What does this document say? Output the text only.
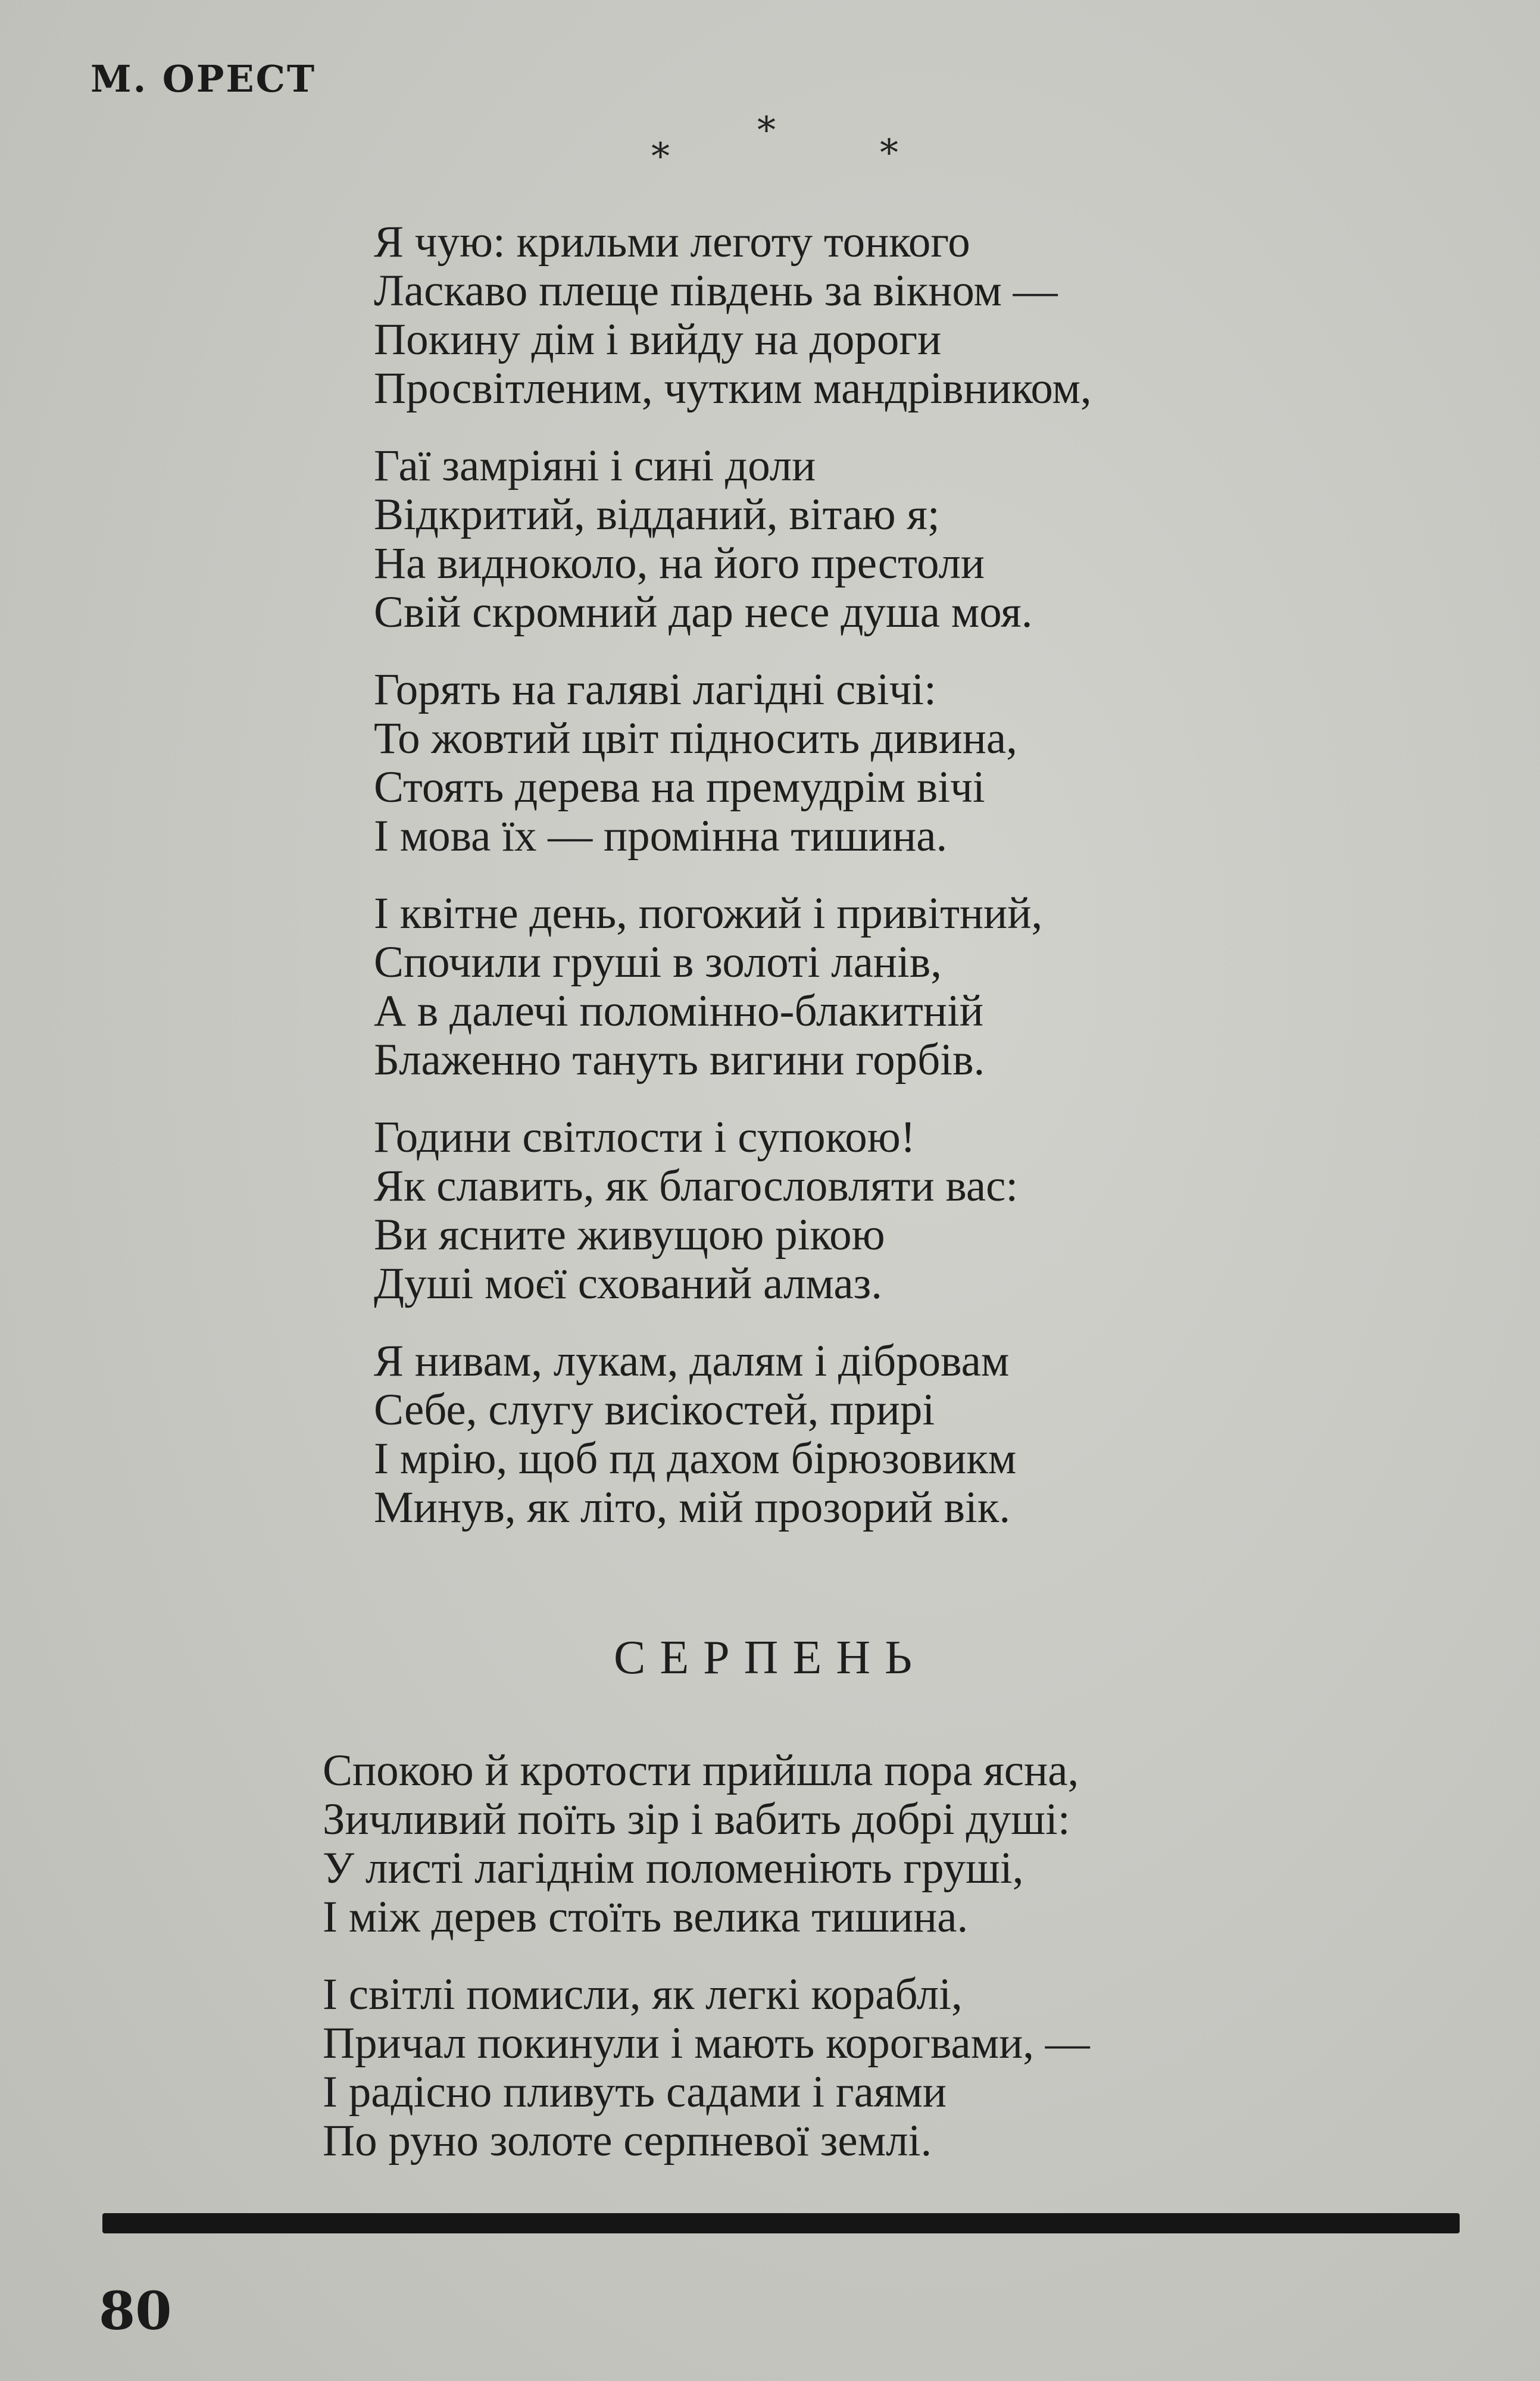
М. ОРЕСТ
*
*
*
Я чую: крильми леготу тонкого
Ласкаво плеще південь за вікном —
Покину дім і вийду на дороги
Просвітленим, чутким мандрівником,
Гаї замріяні і сині доли
Відкритий, відданий, вітаю я;
На видноколо, на його престоли
Свій скромний дар несе душа моя.
Горять на галяві лагідні свічі:
То жовтий цвіт підносить дивина,
Стоять дерева на премудрім вічі
І мова їх — промінна тишина.
І квітне день, погожий і привітний,
Спочили груші в золоті ланів,
А в далечі поломінно-блакитній
Блаженно тануть вигини горбів.
Години світлости і супокою!
Як славить, як благословляти вас:
Ви ясните живущою рікою
Душі моєї схований алмаз.
Я нивам, лукам, далям і дібровам
Себе, слугу висікостей, прирі
І мрію, щоб пд дахом бірюзовикм
Минув, як літо, мій прозорий вік.
СЕРПЕНЬ
Спокою й кротости прийшла пора ясна,
Зичливий поїть зір і вабить добрі душі:
У листі лагіднім поломеніють груші,
І між дерев стоїть велика тишина.
І світлі помисли, як легкі кораблі,
Причал покинули і мають корогвами, —
І радісно пливуть садами і гаями
По руно золоте серпневої землі.
80
